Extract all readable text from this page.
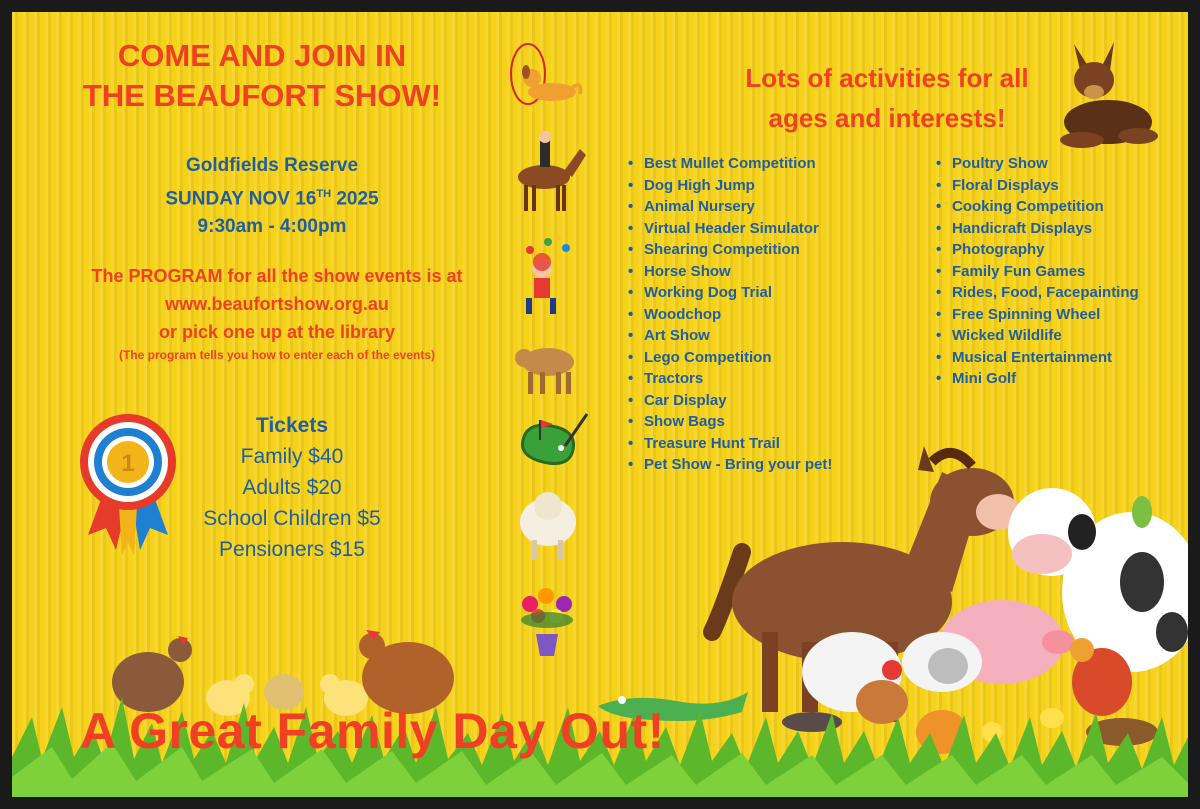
COME AND JOIN IN
THE BEAUFORT SHOW!
Goldfields Reserve
SUNDAY NOV 16TH 2025
9:30am - 4:00pm
The PROGRAM for all the show events is at
www.beaufortshow.org.au
or pick one up at the library
(The program tells you how to enter each of the events)
1
Tickets
Family $40
Adults $20
School Children $5
Pensioners $15
Lots of activities for all
ages and interests!
• Best Mullet Competition
• Dog High Jump
• Animal Nursery
• Virtual Header Simulator
• Shearing Competition
• Horse Show
• Working Dog Trial
• Woodchop
• Art Show
• Lego Competition
• Tractors
• Car Display
• Show Bags
• Treasure Hunt Trail
• Pet Show - Bring your pet!
• Poultry Show
• Floral Displays
• Cooking Competition
• Handicraft Displays
• Photography
• Family Fun Games
• Rides, Food, Facepainting
• Free Spinning Wheel
• Wicked Wildlife
• Musical Entertainment
• Mini Golf
A Great Family Day Out!
